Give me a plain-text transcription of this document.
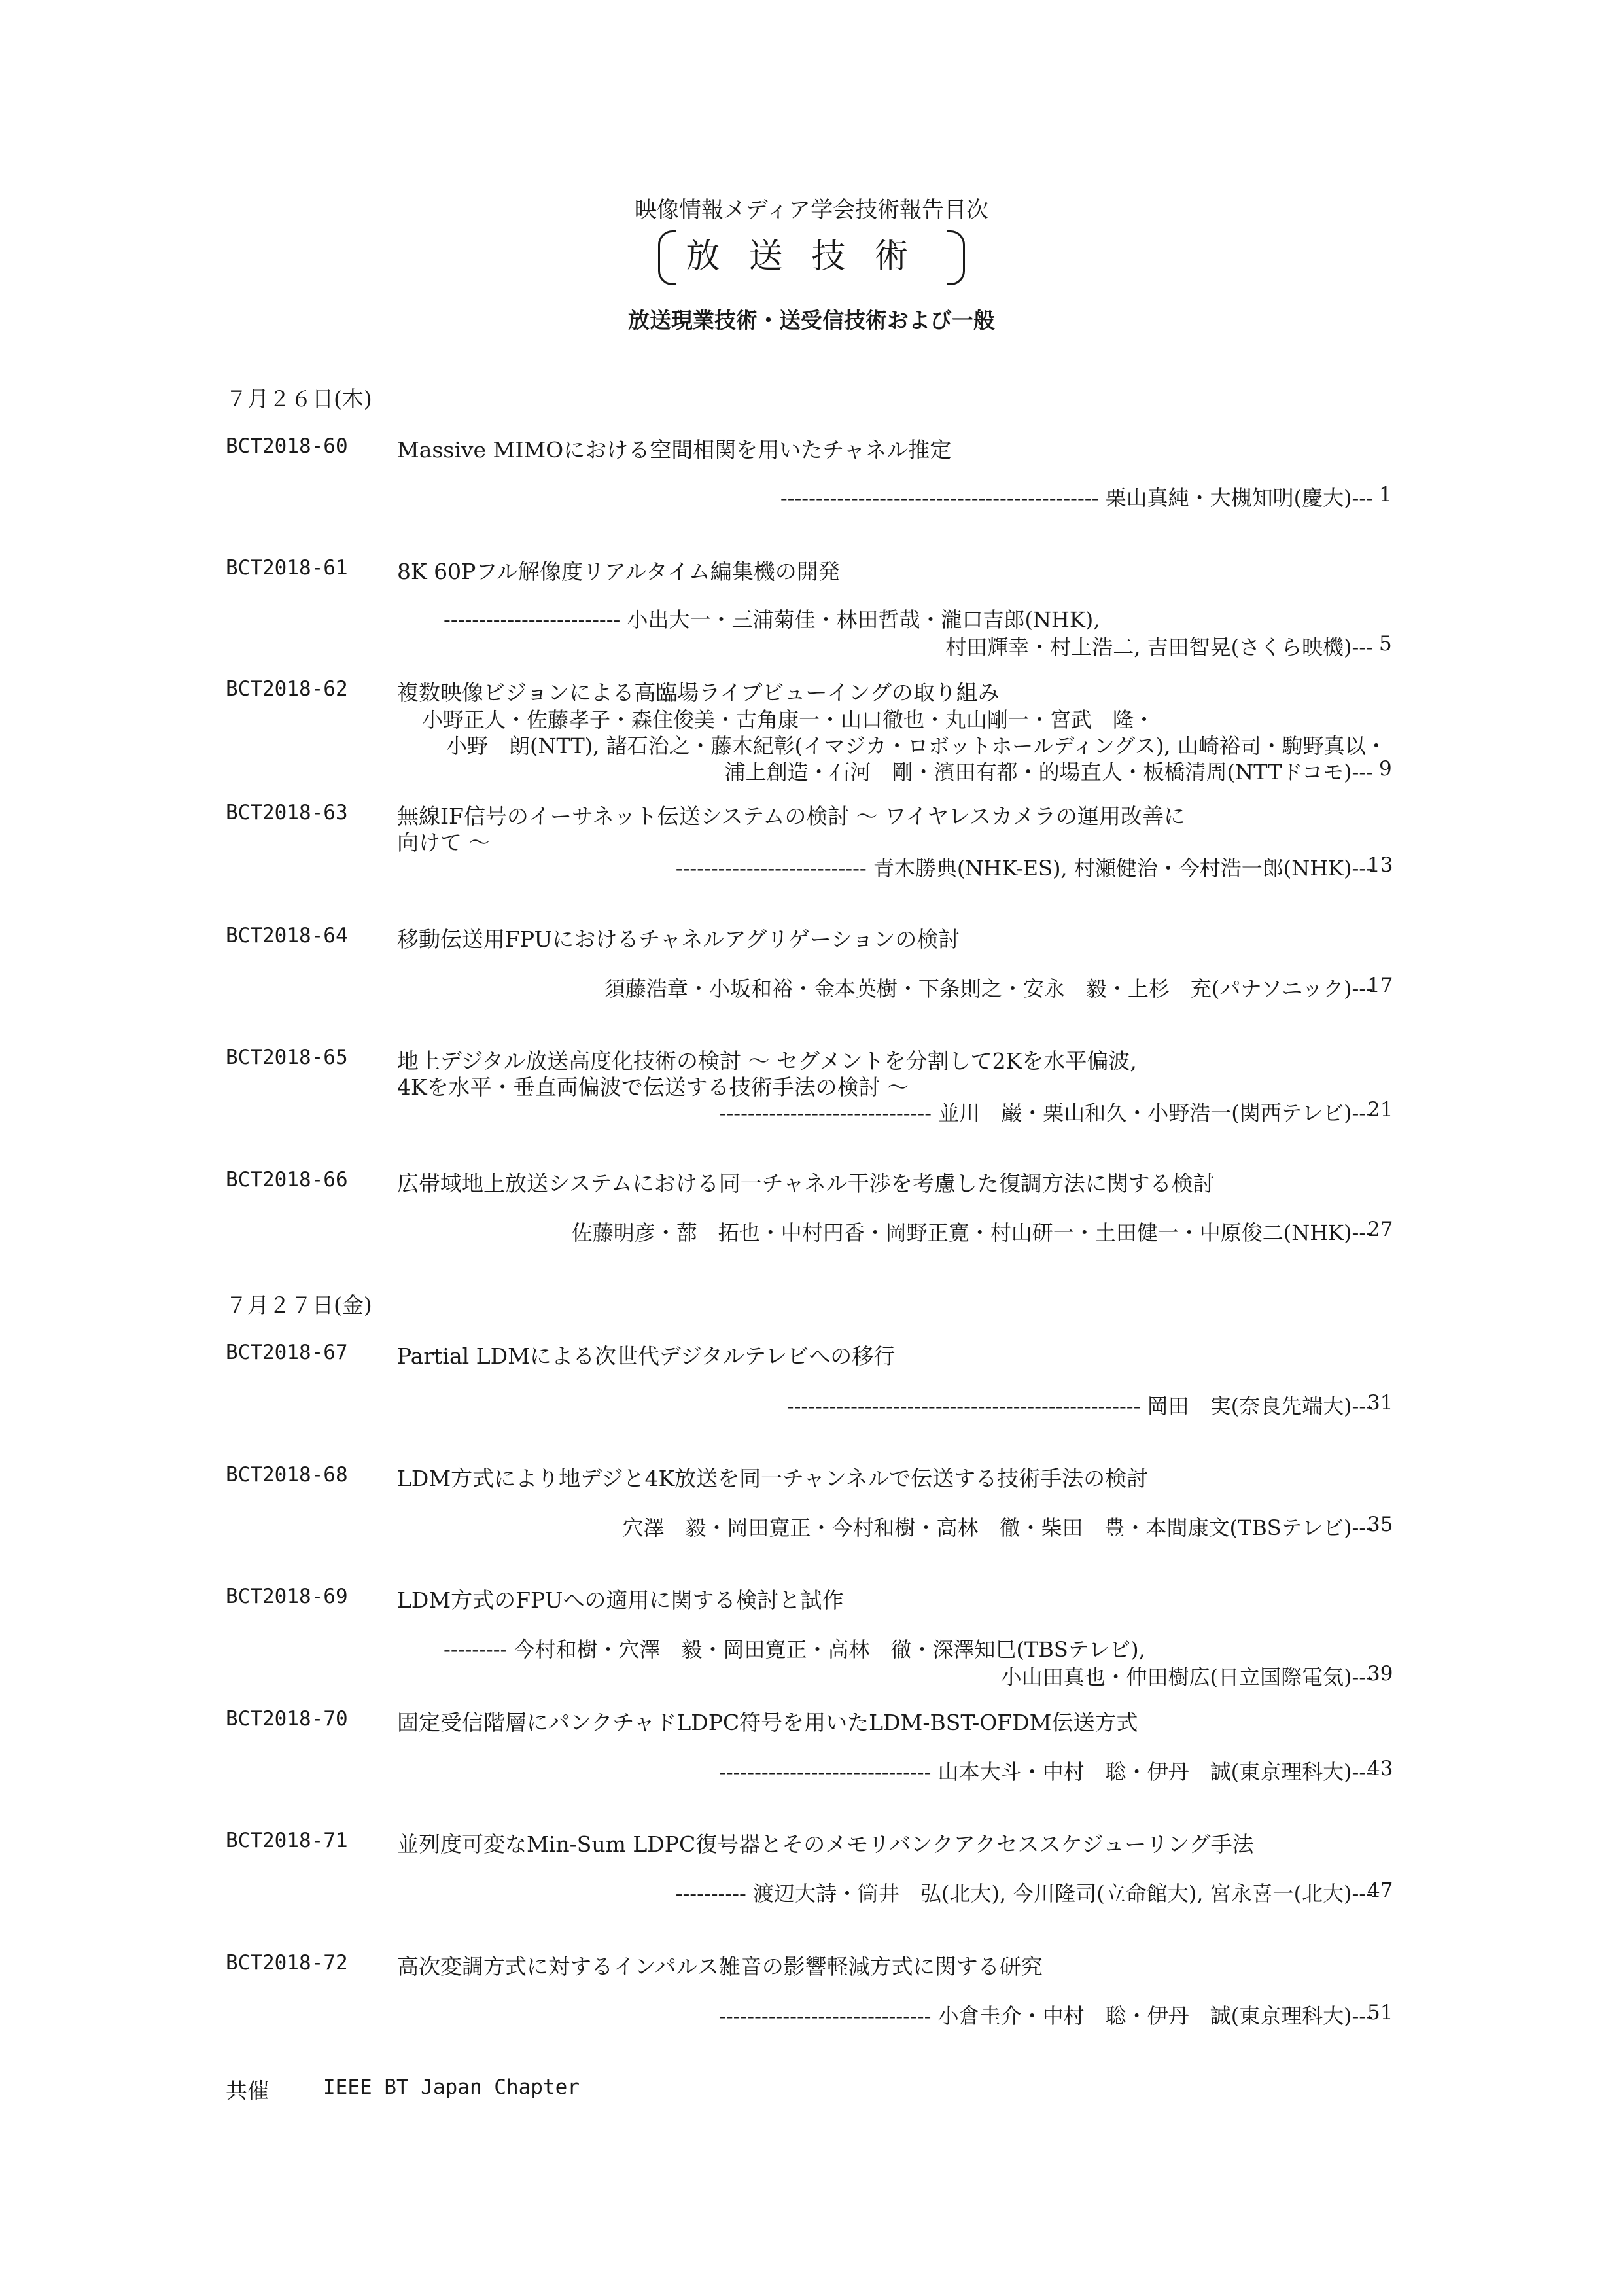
映像情報メディア学会技術報告目次
放送技術
放送現業技術・送受信技術および一般
７月２６日(木)
BCT2018-60 Massive MIMOにおける空間相関を用いたチャネル推定
--------------------------------------------- 栗山真純・大槻知明(慶大)--- 1
BCT2018-61 8K 60Pフル解像度リアルタイム編集機の開発
------------------------- 小出大一・三浦菊佳・林田哲哉・瀧口吉郎(NHK),
村田輝幸・村上浩二, 吉田智晃(さくら映機)--- 5
BCT2018-62 複数映像ビジョンによる高臨場ライブビューイングの取り組み
小野正人・佐藤孝子・森住俊美・古角康一・山口徹也・丸山剛一・宮武　隆・
小野　朗(NTT), 諸石治之・藤木紀彰(イマジカ・ロボットホールディングス), 山崎裕司・駒野真以・
浦上創造・石河　剛・濱田有都・的場直人・板橋清周(NTTドコモ)--- 9
BCT2018-63 無線IF信号のイーサネット伝送システムの検討 ～ ワイヤレスカメラの運用改善に
向けて ～
--------------------------- 青木勝典(NHK-ES), 村瀬健治・今村浩一郎(NHK)---
13
BCT2018-64 移動伝送用FPUにおけるチャネルアグリゲーションの検討
須藤浩章・小坂和裕・金本英樹・下条則之・安永　毅・上杉　充(パナソニック)---
17
BCT2018-65 地上デジタル放送高度化技術の検討 ～ セグメントを分割して2Kを水平偏波,
4Kを水平・垂直両偏波で伝送する技術手法の検討 ～
------------------------------ 並川　巌・栗山和久・小野浩一(関西テレビ)---
21
BCT2018-66 広帯域地上放送システムにおける同一チャネル干渉を考慮した復調方法に関する検討
佐藤明彦・蔀　拓也・中村円香・岡野正寛・村山研一・土田健一・中原俊二(NHK)---
27
７月２７日(金)
BCT2018-67 Partial LDMによる次世代デジタルテレビへの移行
-------------------------------------------------- 岡田　実(奈良先端大)---
31
BCT2018-68 LDM方式により地デジと4K放送を同一チャンネルで伝送する技術手法の検討
穴澤　毅・岡田寛正・今村和樹・高林　徹・柴田　豊・本間康文(TBSテレビ)---
35
BCT2018-69 LDM方式のFPUへの適用に関する検討と試作
--------- 今村和樹・穴澤　毅・岡田寛正・高林　徹・深澤知巳(TBSテレビ),
小山田真也・仲田樹広(日立国際電気)---
39
BCT2018-70 固定受信階層にパンクチャドLDPC符号を用いたLDM-BST-OFDM伝送方式
------------------------------ 山本大斗・中村　聡・伊丹　誠(東京理科大)---
43
BCT2018-71 並列度可変なMin-Sum LDPC復号器とそのメモリバンクアクセススケジューリング手法
---------- 渡辺大詩・筒井　弘(北大), 今川隆司(立命館大), 宮永喜一(北大)---
47
BCT2018-72 高次変調方式に対するインパルス雑音の影響軽減方式に関する研究
------------------------------ 小倉圭介・中村　聡・伊丹　誠(東京理科大)---
51
共催	IEEE BT Japan Chapter
